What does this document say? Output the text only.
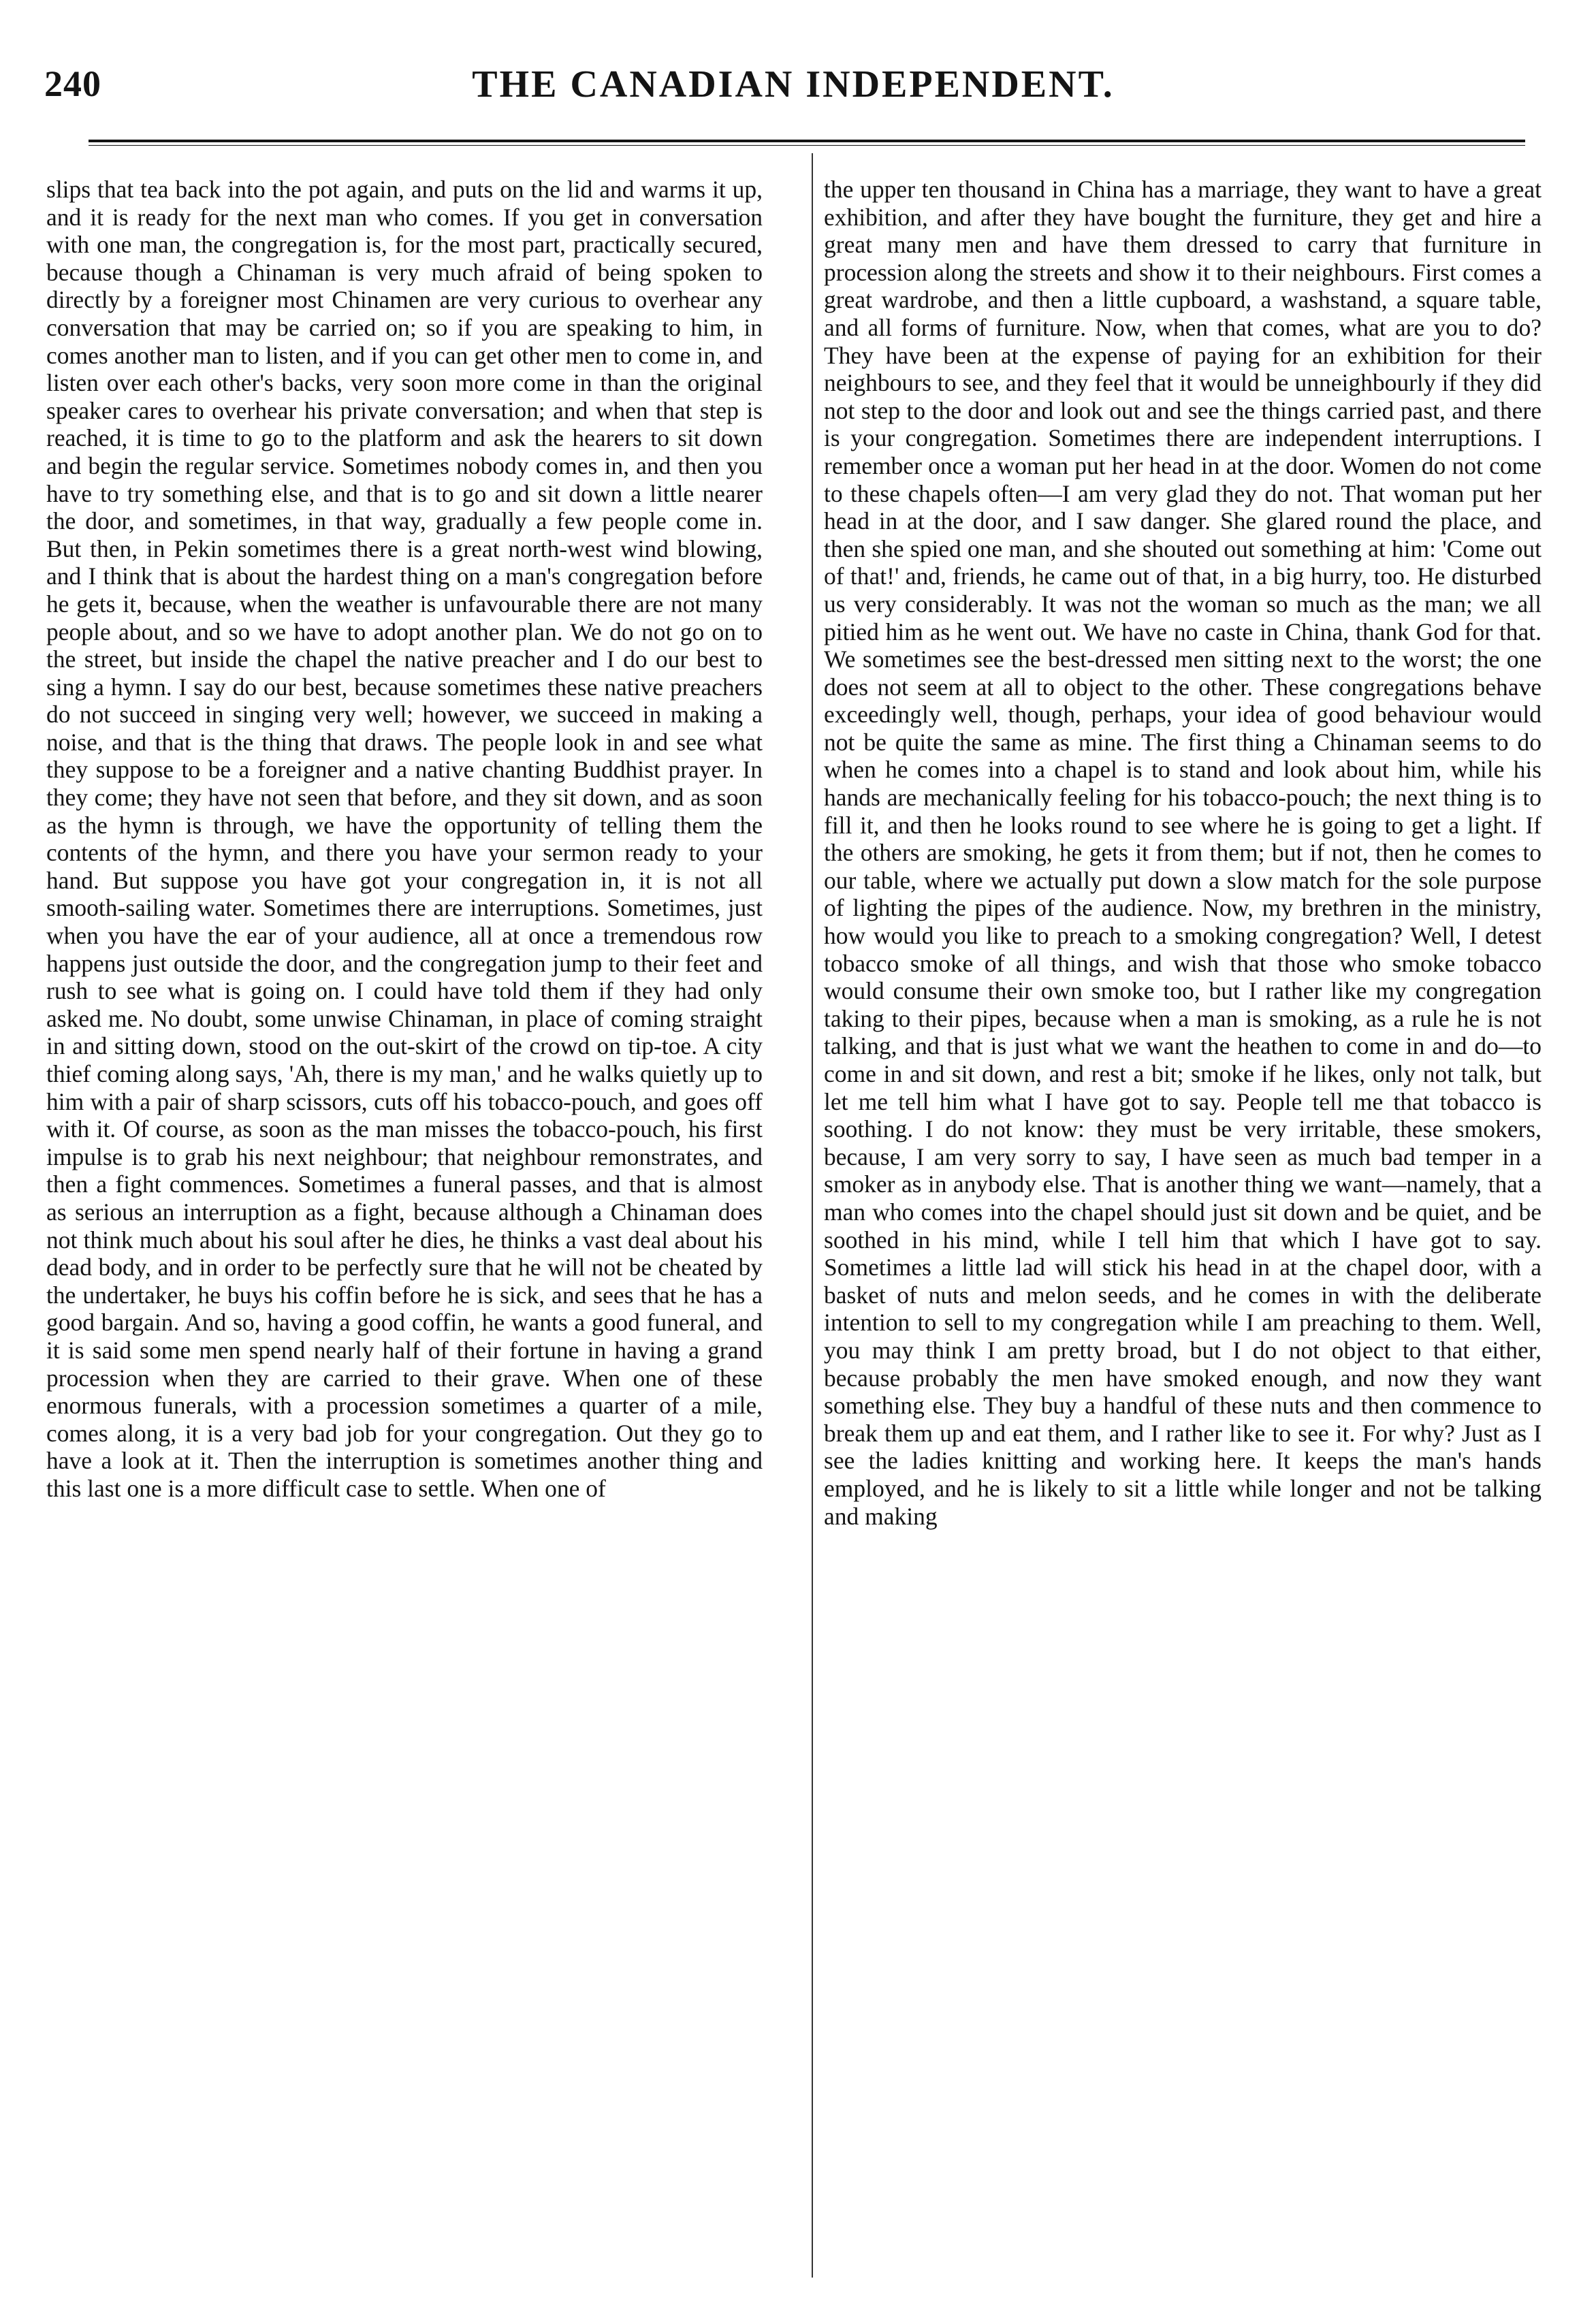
240	THE CANADIAN INDEPENDENT.

slips that tea back into the pot again, and puts on the lid and warms it up, and it is ready for the next man who comes. If you get in conversation with one man, the congregation is, for the most part, practically secured, because though a Chinaman is very much afraid of being spoken to directly by a foreigner most Chinamen are very curious to overhear any conversation that may be carried on; so if you are speaking to him, in comes another man to listen, and if you can get other men to come in, and listen over each other's backs, very soon more come in than the original speaker cares to overhear his private conversation; and when that step is reached, it is time to go to the platform and ask the hearers to sit down and begin the regular service. Sometimes nobody comes in, and then you have to try something else, and that is to go and sit down a little nearer the door, and sometimes, in that way, gradually a few people come in. But then, in Pekin sometimes there is a great north-west wind blowing, and I think that is about the hardest thing on a man's congregation before he gets it, because, when the weather is unfavourable there are not many people about, and so we have to adopt another plan. We do not go on to the street, but inside the chapel the native preacher and I do our best to sing a hymn. I say do our best, because sometimes these native preachers do not succeed in singing very well; however, we succeed in making a noise, and that is the thing that draws. The people look in and see what they suppose to be a foreigner and a native chanting Buddhist prayer. In they come; they have not seen that before, and they sit down, and as soon as the hymn is through, we have the opportunity of telling them the contents of the hymn, and there you have your sermon ready to your hand. But suppose you have got your congregation in, it is not all smooth-sailing water. Sometimes there are interruptions. Sometimes, just when you have the ear of your audience, all at once a tremendous row happens just outside the door, and the congregation jump to their feet and rush to see what is going on. I could have told them if they had only asked me. No doubt, some unwise Chinaman, in place of coming straight in and sitting down, stood on the out-skirt of the crowd on tip-toe. A city thief coming along says, 'Ah, there is my man,' and he walks quietly up to him with a pair of sharp scissors, cuts off his tobacco-pouch, and goes off with it. Of course, as soon as the man misses the tobacco-pouch, his first impulse is to grab his next neighbour; that neighbour remonstrates, and then a fight commences. Sometimes a funeral passes, and that is almost as serious an interruption as a fight, because although a Chinaman does not think much about his soul after he dies, he thinks a vast deal about his dead body, and in order to be perfectly sure that he will not be cheated by the undertaker, he buys his coffin before he is sick, and sees that he has a good bargain. And so, having a good coffin, he wants a good funeral, and it is said some men spend nearly half of their fortune in having a grand procession when they are carried to their grave. When one of these enormous funerals, with a procession sometimes a quarter of a mile, comes along, it is a very bad job for your congregation. Out they go to have a look at it. Then the interruption is sometimes another thing and this last one is a more difficult case to settle. When one of

the upper ten thousand in China has a marriage, they want to have a great exhibition, and after they have bought the furniture, they get and hire a great many men and have them dressed to carry that furniture in procession along the streets and show it to their neighbours. First comes a great wardrobe, and then a little cupboard, a washstand, a square table, and all forms of furniture. Now, when that comes, what are you to do? They have been at the expense of paying for an exhibition for their neighbours to see, and they feel that it would be unneighbourly if they did not step to the door and look out and see the things carried past, and there is your congregation. Sometimes there are independent interruptions. I remember once a woman put her head in at the door. Women do not come to these chapels often—I am very glad they do not. That woman put her head in at the door, and I saw danger. She glared round the place, and then she spied one man, and she shouted out something at him: 'Come out of that!' and, friends, he came out of that, in a big hurry, too. He disturbed us very considerably. It was not the woman so much as the man; we all pitied him as he went out. We have no caste in China, thank God for that. We sometimes see the best-dressed men sitting next to the worst; the one does not seem at all to object to the other. These congregations behave exceedingly well, though, perhaps, your idea of good behaviour would not be quite the same as mine. The first thing a Chinaman seems to do when he comes into a chapel is to stand and look about him, while his hands are mechanically feeling for his tobacco-pouch; the next thing is to fill it, and then he looks round to see where he is going to get a light. If the others are smoking, he gets it from them; but if not, then he comes to our table, where we actually put down a slow match for the sole purpose of lighting the pipes of the audience. Now, my brethren in the ministry, how would you like to preach to a smoking congregation? Well, I detest tobacco smoke of all things, and wish that those who smoke tobacco would consume their own smoke too, but I rather like my congregation taking to their pipes, because when a man is smoking, as a rule he is not talking, and that is just what we want the heathen to come in and do—to come in and sit down, and rest a bit; smoke if he likes, only not talk, but let me tell him what I have got to say. People tell me that tobacco is soothing. I do not know: they must be very irritable, these smokers, because, I am very sorry to say, I have seen as much bad temper in a smoker as in anybody else. That is another thing we want—namely, that a man who comes into the chapel should just sit down and be quiet, and be soothed in his mind, while I tell him that which I have got to say. Sometimes a little lad will stick his head in at the chapel door, with a basket of nuts and melon seeds, and he comes in with the deliberate intention to sell to my congregation while I am preaching to them. Well, you may think I am pretty broad, but I do not object to that either, because probably the men have smoked enough, and now they want something else. They buy a handful of these nuts and then commence to break them up and eat them, and I rather like to see it. For why? Just as I see the ladies knitting and working here. It keeps the man's hands employed, and he is likely to sit a little while longer and not be talking and making
